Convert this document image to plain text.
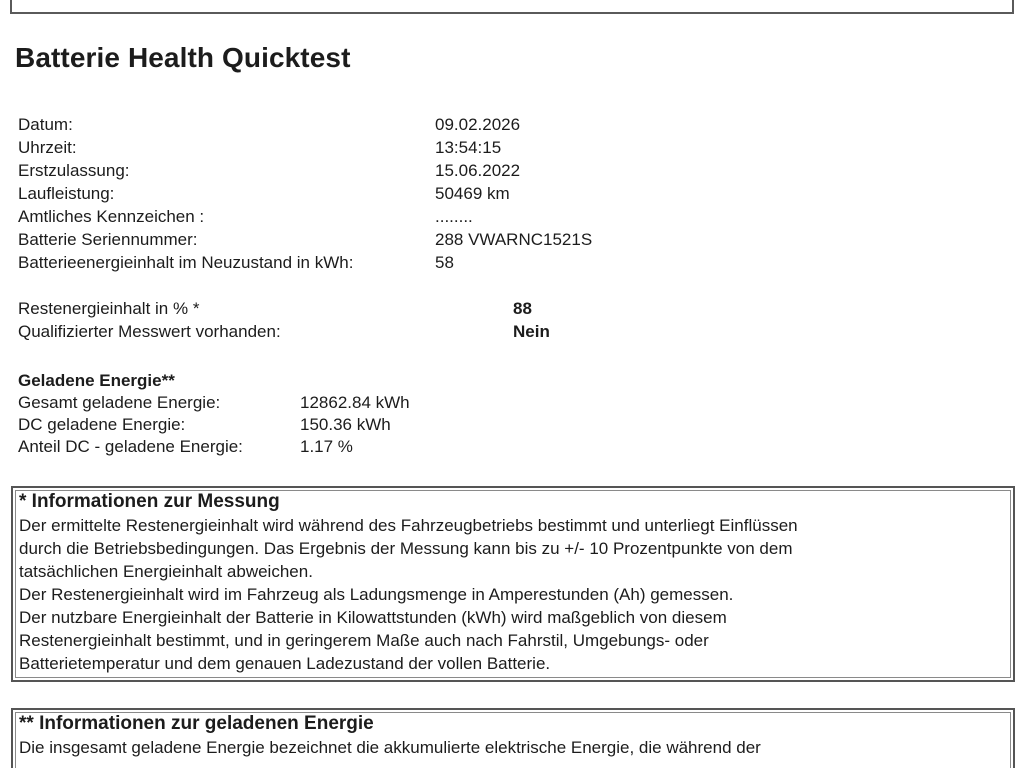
Batterie Health Quicktest
Datum:	09.02.2026
Uhrzeit:	13:54:15
Erstzulassung:	15.06.2022
Laufleistung:	50469 km
Amtliches Kennzeichen :	........
Batterie Seriennummer:	288 VWARNC1521S
Batterieenergieinhalt im Neuzustand in kWh:	58
Restenergieinhalt in % *	88
Qualifizierter Messwert vorhanden:	Nein
Geladene Energie**
Gesamt geladene Energie:	12862.84 kWh
DC geladene Energie:	150.36 kWh
Anteil DC - geladene Energie:	1.17 %
* Informationen zur Messung
Der ermittelte Restenergieinhalt wird während des Fahrzeugbetriebs bestimmt und unterliegt Einflüssen
durch die Betriebsbedingungen. Das Ergebnis der Messung kann bis zu +/- 10 Prozentpunkte von dem
tatsächlichen Energieinhalt abweichen.
Der Restenergieinhalt wird im Fahrzeug als Ladungsmenge in Amperestunden (Ah) gemessen.
Der nutzbare Energieinhalt der Batterie in Kilowattstunden (kWh) wird maßgeblich von diesem
Restenergieinhalt bestimmt, und in geringerem Maße auch nach Fahrstil, Umgebungs- oder
Batterietemperatur und dem genauen Ladezustand der vollen Batterie.
** Informationen zur geladenen Energie
Die insgesamt geladene Energie bezeichnet die akkumulierte elektrische Energie, die während der
